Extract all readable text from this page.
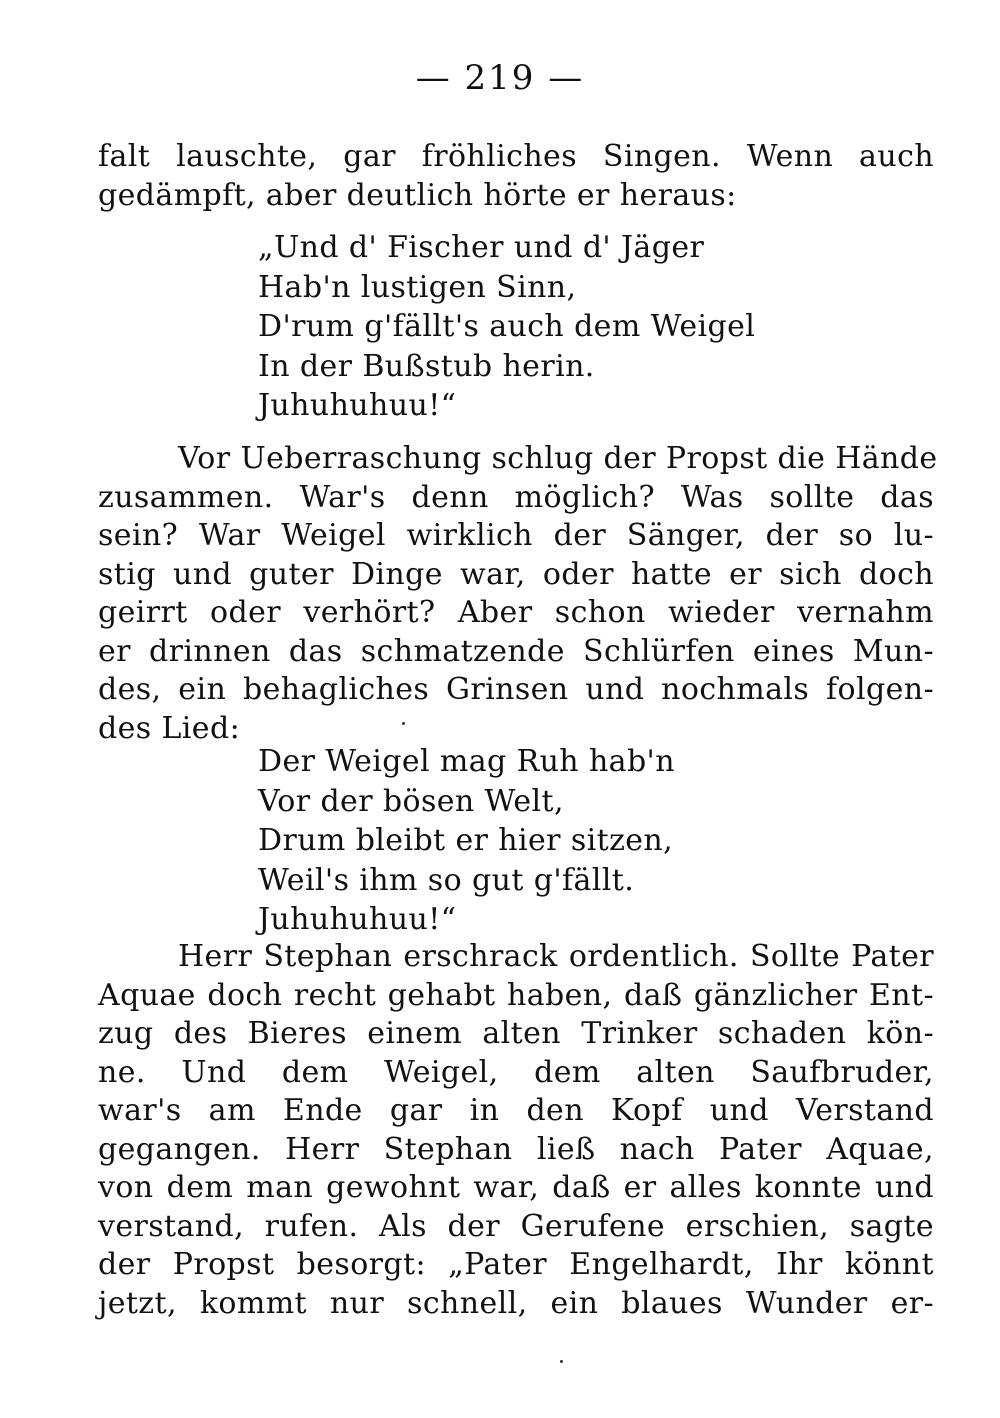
— 219 —
falt lauschte, gar fröhliches Singen. Wenn auch
gedämpft, aber deutlich hörte er heraus:
„Und d' Fischer und d' Jäger
Hab'n lustigen Sinn,
D'rum g'fällt's auch dem Weigel
In der Bußstub herin.
Juhuhuhuu!“
Vor Ueberraschung schlug der Propst die Hände
zusammen. War's denn möglich? Was sollte das
sein? War Weigel wirklich der Sänger, der so lu-
stig und guter Dinge war, oder hatte er sich doch
geirrt oder verhört? Aber schon wieder vernahm
er drinnen das schmatzende Schlürfen eines Mun-
des, ein behagliches Grinsen und nochmals folgen-
des Lied:
Der Weigel mag Ruh hab'n
Vor der bösen Welt,
Drum bleibt er hier sitzen,
Weil's ihm so gut g'fällt.
Juhuhuhuu!“
Herr Stephan erschrack ordentlich. Sollte Pater
Aquae doch recht gehabt haben, daß gänzlicher Ent-
zug des Bieres einem alten Trinker schaden kön-
ne. Und dem Weigel, dem alten Saufbruder,
war's am Ende gar in den Kopf und Verstand
gegangen. Herr Stephan ließ nach Pater Aquae,
von dem man gewohnt war, daß er alles konnte und
verstand, rufen. Als der Gerufene erschien, sagte
der Propst besorgt: „Pater Engelhardt, Ihr könnt
jetzt, kommt nur schnell, ein blaues Wunder er-
